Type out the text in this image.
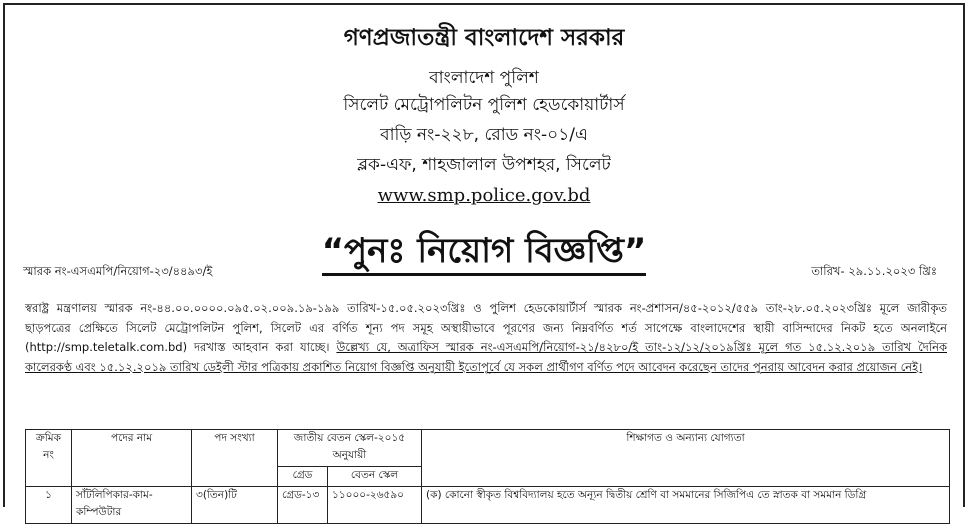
গণপ্রজাতন্ত্রী বাংলাদেশ সরকার
বাংলাদেশ পুলিশ
সিলেট মেট্রোপলিটন পুলিশ হেডকোয়ার্টার্স
বাড়ি নং-২২৮, রোড নং-০১/এ
ব্লক-এফ, শাহজালাল উপশহর, সিলেট
www.smp.police.gov.bd
“পুনঃ নিয়োগ বিজ্ঞপ্তি”
স্মারক নং-এসএমপি/নিয়োগ-২৩/৪৪৯৩/ই	তারিখ- ২৯.১১.২০২৩ খ্রিঃ
স্বরাষ্ট্র মন্ত্রণালয় স্মারক নং-৪৪.০০.০০০০.০৯৫.০২.০০৯.১৯-১৯৯ তারিখ-১৫.০৫.২০২৩খ্রিঃ ও পুলিশ হেডকোয়ার্টার্স স্মারক নং-প্রশাসন/৪৫-২০১২/৫৫৯ তাং-২৮.০৫.২০২৩খ্রিঃ মূলে জারীকৃত ছাড়পত্রের প্রেক্ষিতে সিলেট মেট্রোপলিটন পুলিশ, সিলেট এর বর্ণিত শূন্য পদ সমূহ অস্থায়ীভাবে পূরণের জন্য নিম্নবর্ণিত শর্ত সাপেক্ষে বাংলাদেশের স্থায়ী বাসিন্দাদের নিকট হতে অনলাইনে (http://smp.teletalk.com.bd) দরখাস্ত আহবান করা যাচ্ছে। উল্লেখ্য যে, অত্রাফিস স্মারক নং-এসএমপি/নিয়োগ-২১/৪২৮০/ই তাং-১২/১২/২০১৯খ্রিঃ মূলে গত ১৫.১২.২০১৯ তারিখ দৈনিক কালেরকণ্ঠ এবং ১৫.১২.২০১৯ তারিখ ডেইলী স্টার পত্রিকায় প্রকাশিত নিয়োগ বিজ্ঞপ্তি অনুযায়ী ইতোপূর্বে যে সকল প্রার্থীগণ বর্ণিত পদে আবেদন করেছেন তাদের পুনরায় আবেদন করার প্রয়োজন নেই।
ক্রমিক নং	পদের নাম	পদ সংখ্যা	জাতীয় বেতন স্কেল-২০১৫ অনুযায়ী		শিক্ষাগত ও অন্যান্য যোগ্যতা
			গ্রেড	বেতন স্কেল	
১	সাঁটলিপিকার-কাম-কম্পিউটার	৩(তিন)টি	গ্রেড-১৩	১১০০০-২৬৫৯০	(ক) কোনো স্বীকৃত বিশ্ববিদ্যালয় হতে অন্যূন দ্বিতীয় শ্রেণি বা সমমানের সিজিপিএ তে স্নাতক বা সমমান ডিগ্রি
